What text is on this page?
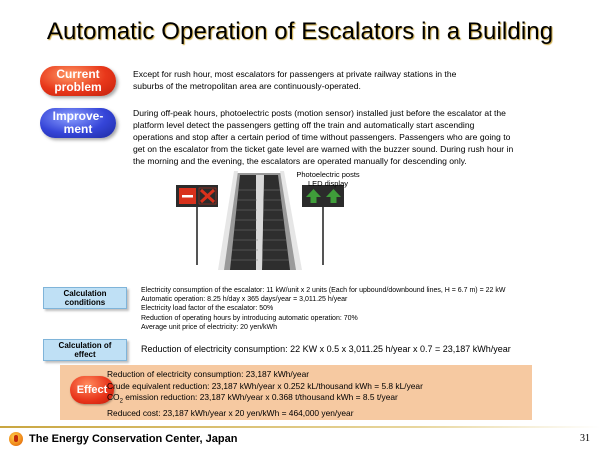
Automatic Operation of Escalators in a Building
Current
problem
Except for rush hour, most escalators for passengers at private railway stations in the
suburbs of the metropolitan area are continuously-operated.
Improve-
ment
During off-peak hours, photoelectric posts (motion sensor) installed just before the escalator at the
platform level detect the passengers getting off the train and automatically start ascending
operations and stop after a certain period of time without passengers. Passengers who are going to
get on the escalator from the ticket gate level are warned with the buzzer sound. During rush hour in
the morning and the evening, the escalators are operated manually for descending only.
Photoelectric posts
LED display
Calculation
conditions
Electricity consumption of the escalator: 11 kW/unit x 2 units (Each for upbound/downbound lines, H = 6.7 m) = 22 kW
Automatic operation: 8.25 h/day x 365 days/year = 3,011.25 h/year
Electricity load factor of the escalator: 50%
Reduction of operating hours by introducing automatic operation: 70%
Average unit price of electricity: 20 yen/kWh
Calculation of
effect
Reduction of electricity consumption: 22 KW x 0.5 x 3,011.25 h/year x 0.7 = 23,187 kWh/year
Effect
Reduction of electricity consumption: 23,187 kWh/year
Crude equivalent reduction: 23,187 kWh/year x 0.252 kL/thousand kWh = 5.8 kL/year
$CO_2$ emission reduction: 23,187 kWh/year x 0.368 t/thousand kWh = 8.5 t/year
Reduced cost: 23,187 kWh/year x 20 yen/kWh = 464,000 yen/year
The Energy Conservation Center, Japan	31
